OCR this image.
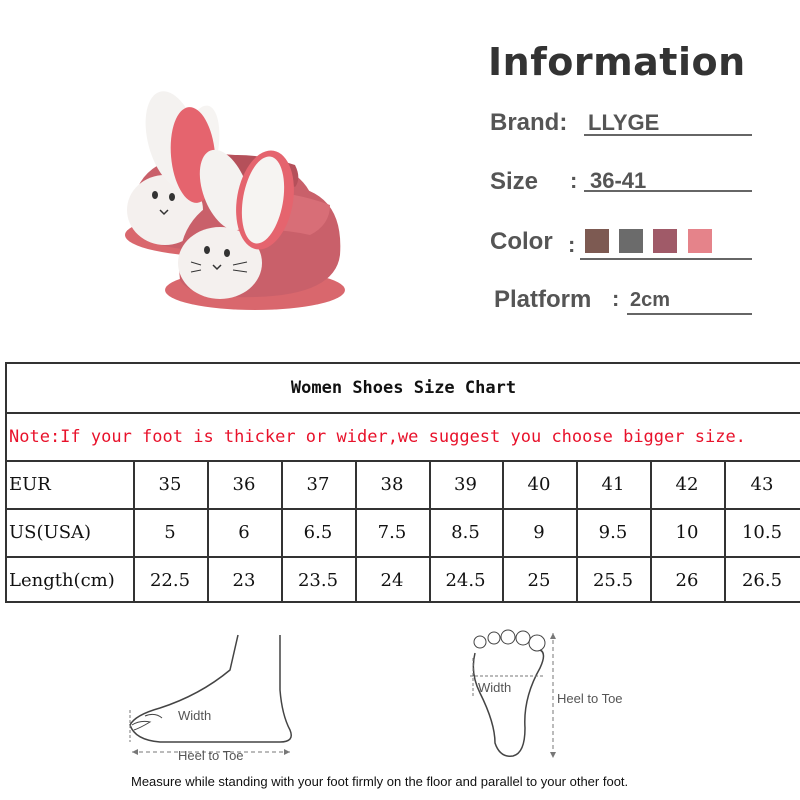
Information
Brand: LLYGE
Size : 36-41
Color :
Platform : 2cm
Women Shoes Size Chart
Note:If your foot is thicker or wider,we suggest you choose bigger size.
EUR	35	36	37	38	39	40	41	42	43
US(USA)	5	6	6.5	7.5	8.5	9	9.5	10	10.5
Length(cm)	22.5	23	23.5	24	24.5	25	25.5	26	26.5
Width
Heel to Toe
Width
Heel to Toe
Measure while standing with your foot firmly on the floor and parallel to your other foot.
